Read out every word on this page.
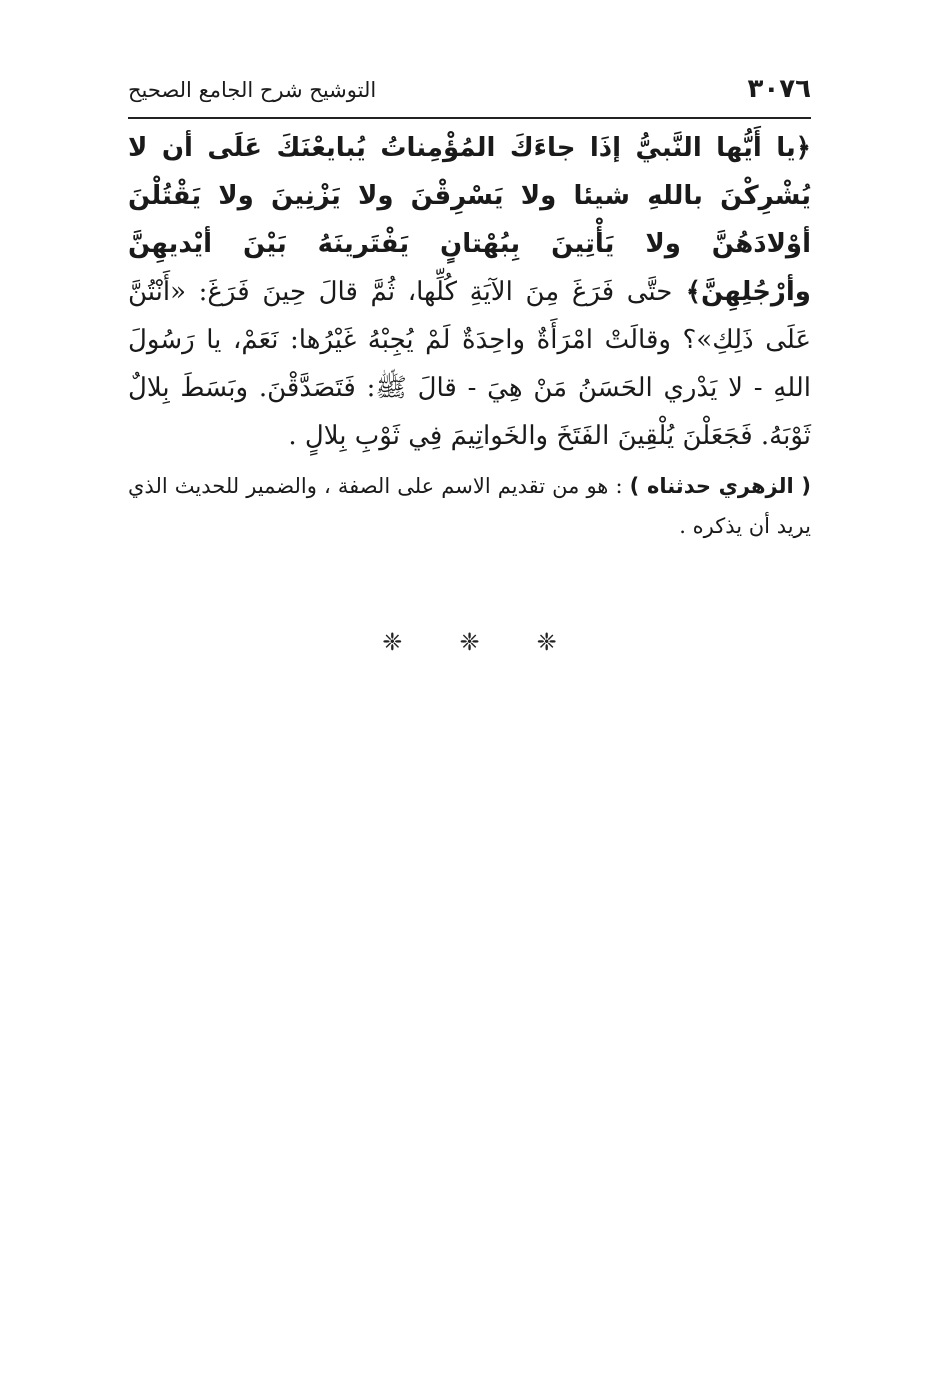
٣٠٧٦
التوشيح شرح الجامع الصحيح

﴿يا أَيُّها النَّبيُّ إذَا جاءَكَ المُؤْمِناتُ يُبايعْنَكَ عَلَى أن لا يُشْرِكْنَ باللهِ شيئا ولا يَسْرِقْنَ ولا يَزْنِينَ ولا يَقْتُلْنَ أوْلادَهُنَّ ولا يَأْتِينَ بِبُهْتانٍ يَفْتَرينَهُ بَيْنَ أيْديهِنَّ وأرْجُلِهِنَّ﴾ حتَّى فَرَغَ مِنَ الآيَةِ كُلِّها، ثُمَّ قالَ حِينَ فَرَغَ: «أَنْتُنَّ عَلَى ذَلِكِ»؟ وقالَتْ امْرَأَةٌ واحِدَةٌ لَمْ يُجِبْهُ غَيْرُها: نَعَمْ، يا رَسُولَ اللهِ - لا يَدْري الحَسَنُ مَنْ هِيَ - قالَ ﷺ: فَتَصَدَّقْنَ. وبَسَطَ بِلالٌ ثَوْبَهُ. فَجَعَلْنَ يُلْقِينَ الفَتَخَ والخَواتِيمَ فِي ثَوْبِ بِلالٍ .

( الزهري حدثناه ) : هو من تقديم الاسم على الصفة ، والضمير للحديث الذي يريد أن يذكره .

❈ ❈ ❈
